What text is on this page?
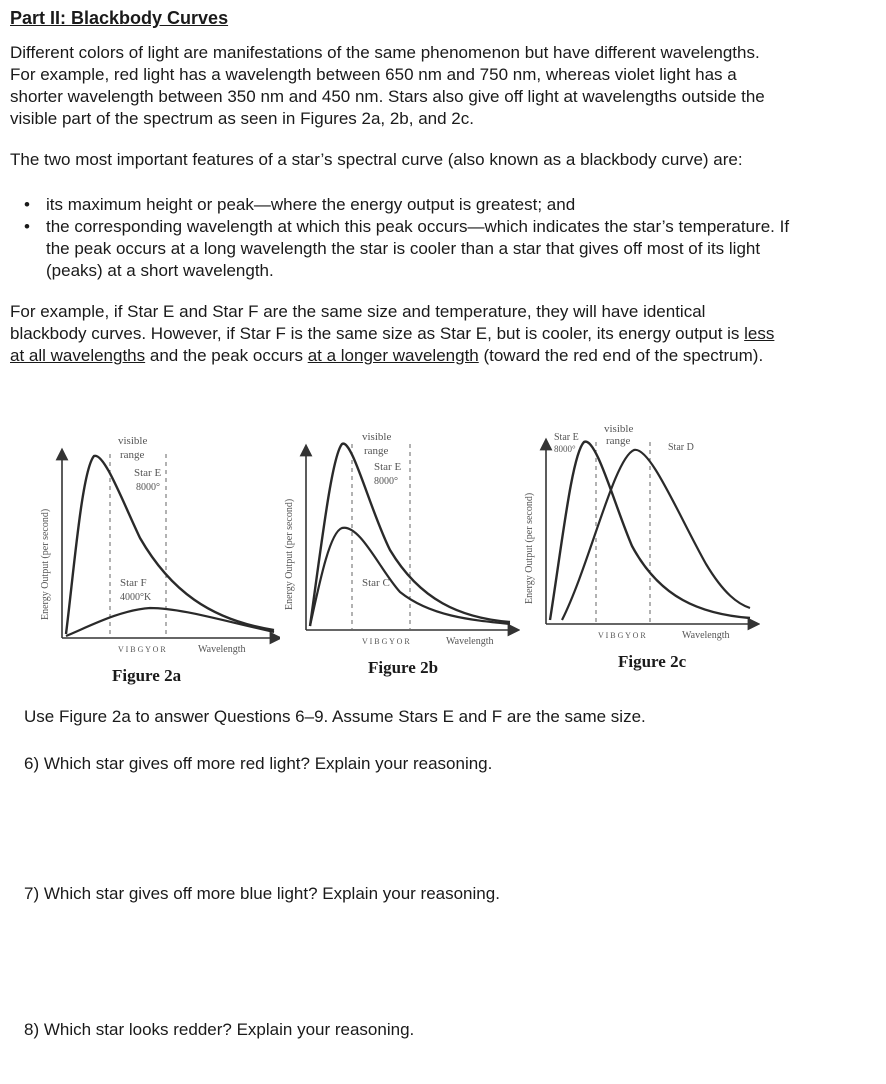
Part II: Blackbody Curves

Different colors of light are manifestations of the same phenomenon but have different wavelengths. For example, red light has a wavelength between 650 nm and 750 nm, whereas violet light has a shorter wavelength between 350 nm and 450 nm. Stars also give off light at wavelengths outside the visible part of the spectrum as seen in Figures 2a, 2b, and 2c.

The two most important features of a star’s spectral curve (also known as a blackbody curve) are:

• its maximum height or peak—where the energy output is greatest; and
• the corresponding wavelength at which this peak occurs—which indicates the star’s temperature. If the peak occurs at a long wavelength the star is cooler than a star that gives off most of its light (peaks) at a short wavelength.

For example, if Star E and Star F are the same size and temperature, they will have identical blackbody curves. However, if Star F is the same size as Star E, but is cooler, its energy output is less at all wavelengths and the peak occurs at a longer wavelength (toward the red end of the spectrum).

Energy Output (per second)
visible
range
Star E
8000°
Star F
4000°K
V I B G Y O R	Wavelength
Figure 2a
Energy Output (per second)
visible
range
Star E
8000°
Star C
V I B G Y O R	Wavelength
Figure 2b
Energy Output (per second)
Star E
8000°
visible
range
Star D
V I B G Y O R	Wavelength
Figure 2c
Use Figure 2a to answer Questions 6–9. Assume Stars E and F are the same size.
6) Which star gives off more red light? Explain your reasoning.
7) Which star gives off more blue light? Explain your reasoning.
8) Which star looks redder? Explain your reasoning.
